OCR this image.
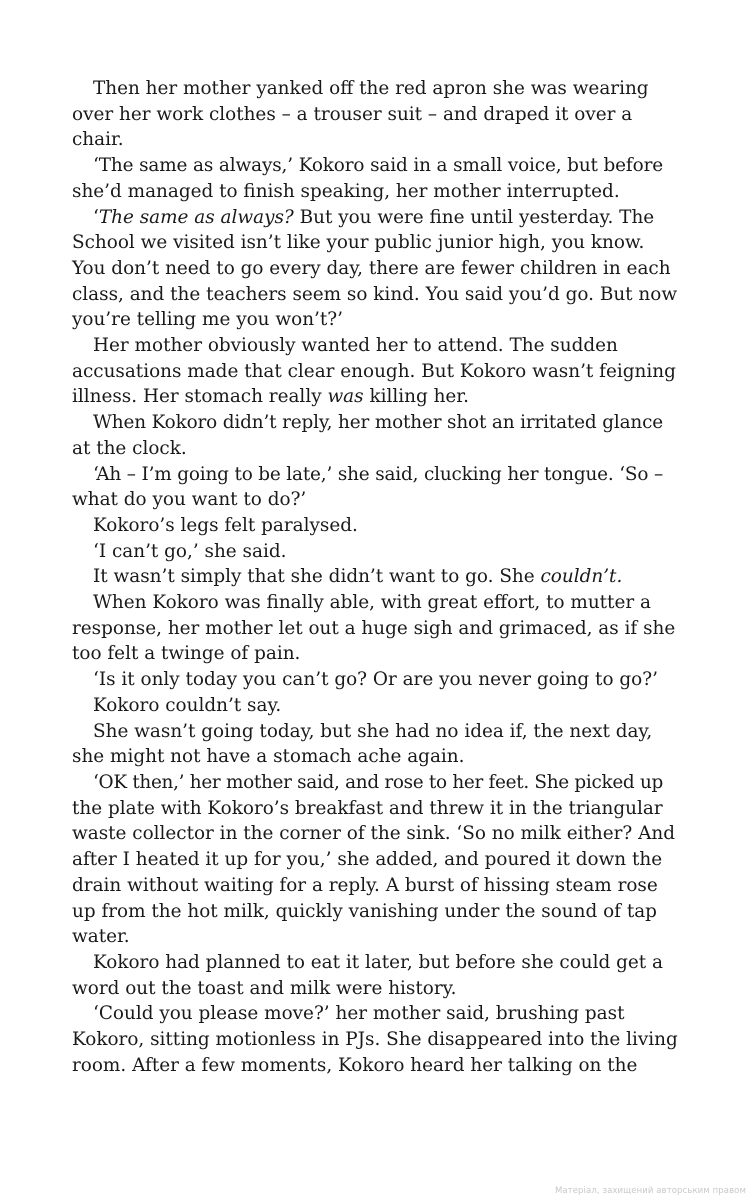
Then her mother yanked off the red apron she was wearing
over her work clothes – a trouser suit – and draped it over a
chair.

‘The same as always,’ Kokoro said in a small voice, but before
she’d managed to finish speaking, her mother interrupted.

‘The same as always? But you were fine until yesterday. The
School we visited isn’t like your public junior high, you know.
You don’t need to go every day, there are fewer children in each
class, and the teachers seem so kind. You said you’d go. But now
you’re telling me you won’t?’

Her mother obviously wanted her to attend. The sudden
accusations made that clear enough. But Kokoro wasn’t feigning
illness. Her stomach really was killing her.

When Kokoro didn’t reply, her mother shot an irritated glance
at the clock.

‘Ah – I’m going to be late,’ she said, clucking her tongue. ‘So –
what do you want to do?’

Kokoro’s legs felt paralysed.

‘I can’t go,’ she said.

It wasn’t simply that she didn’t want to go. She couldn’t.

When Kokoro was finally able, with great effort, to mutter a
response, her mother let out a huge sigh and grimaced, as if she
too felt a twinge of pain.

‘Is it only today you can’t go? Or are you never going to go?’

Kokoro couldn’t say.

She wasn’t going today, but she had no idea if, the next day,
she might not have a stomach ache again.

‘OK then,’ her mother said, and rose to her feet. She picked up
the plate with Kokoro’s breakfast and threw it in the triangular
waste collector in the corner of the sink. ‘So no milk either? And
after I heated it up for you,’ she added, and poured it down the
drain without waiting for a reply. A burst of hissing steam rose
up from the hot milk, quickly vanishing under the sound of tap
water.

Kokoro had planned to eat it later, but before she could get a
word out the toast and milk were history.

‘Could you please move?’ her mother said, brushing past
Kokoro, sitting motionless in PJs. She disappeared into the living
room. After a few moments, Kokoro heard her talking on the

Матеріал, захищений авторським правом
